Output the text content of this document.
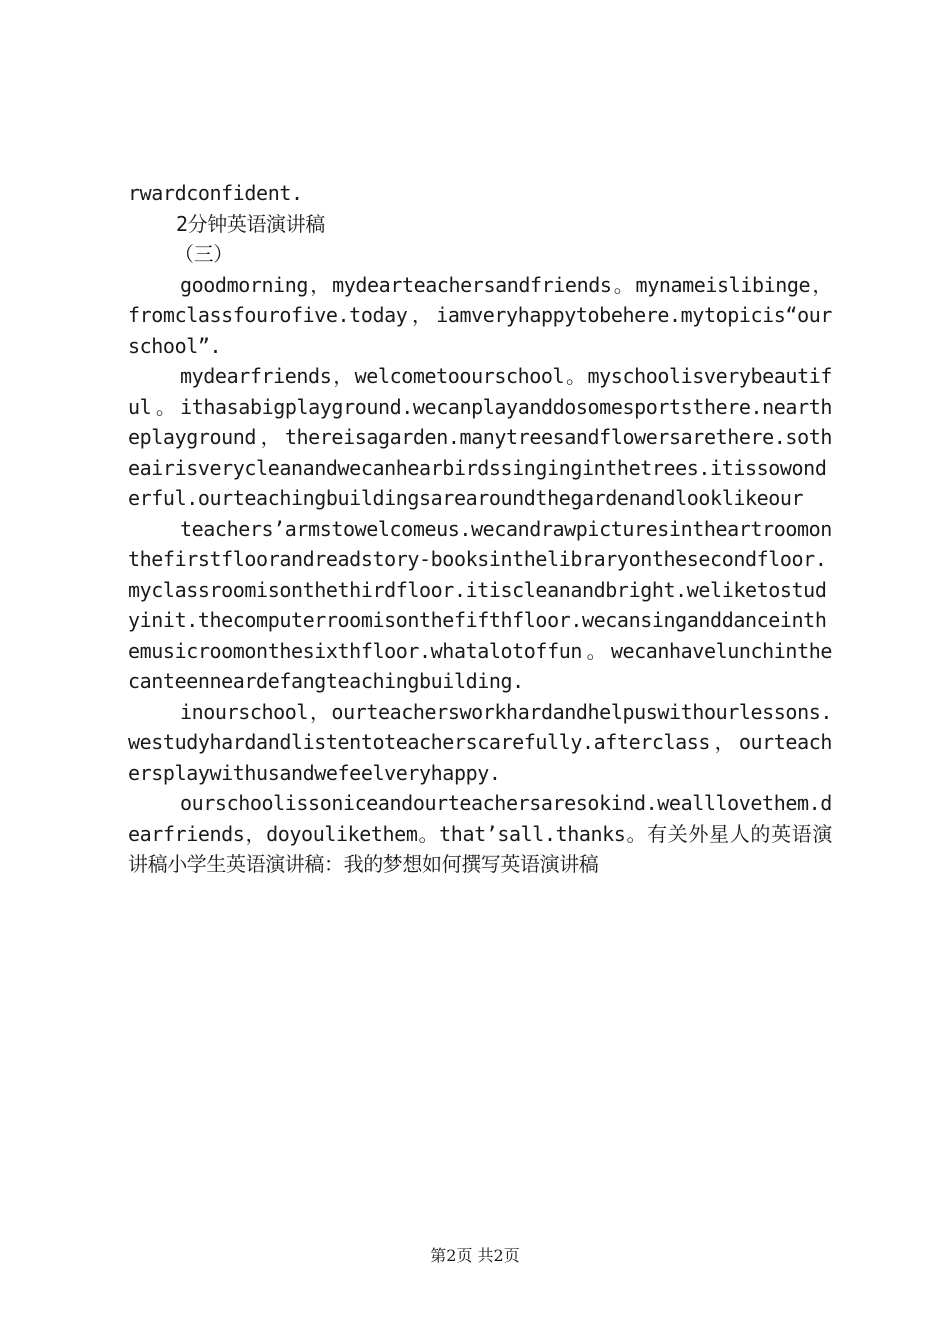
rwardconfident.

2分钟英语演讲稿

（三）

goodmorning，mydearteachersandfriends。mynameislibinge，fromclassfourofive.today，iamveryhappytobehere.mytopicis“ourschool”.

mydearfriends，welcometoourschool。myschoolisverybeautiful。ithasabigplayground.wecanplayanddosomesportsthere.neartheplayground，thereisagarden.manytreesandflowersarethere.sotheairisverycleanandwecanhearbirdssinginginthetrees.itissowonderful.ourteachingbuildingsarearoundthegardenandlooklikeour

teachers’armstowelcomeus.wecandrawpicturesintheartroomonthefirstfloorandreadstory-booksinthelibraryonthesecondfloor.myclassroomisonthethirdfloor.itiscleanandbright.weliketostudyinit.thecomputerroomisonthefifthfloor.wecansinganddanceinthemusicroomonthesixthfloor.whatalotoffun。wecanhavelunchinthecanteenneardefangteachingbuilding.

inourschool，ourteachersworkhardandhelpuswithourlessons.westudyhardandlistentoteacherscarefully.afterclass，ourteachersplaywithusandwefeelveryhappy.

ourschoolissoniceandourteachersaresokind.wealllovethem.dearfriends，doyoulikethem。that’sall.thanks。有关外星人的英语演讲稿小学生英语演讲稿：我的梦想如何撰写英语演讲稿

第2页 共2页
